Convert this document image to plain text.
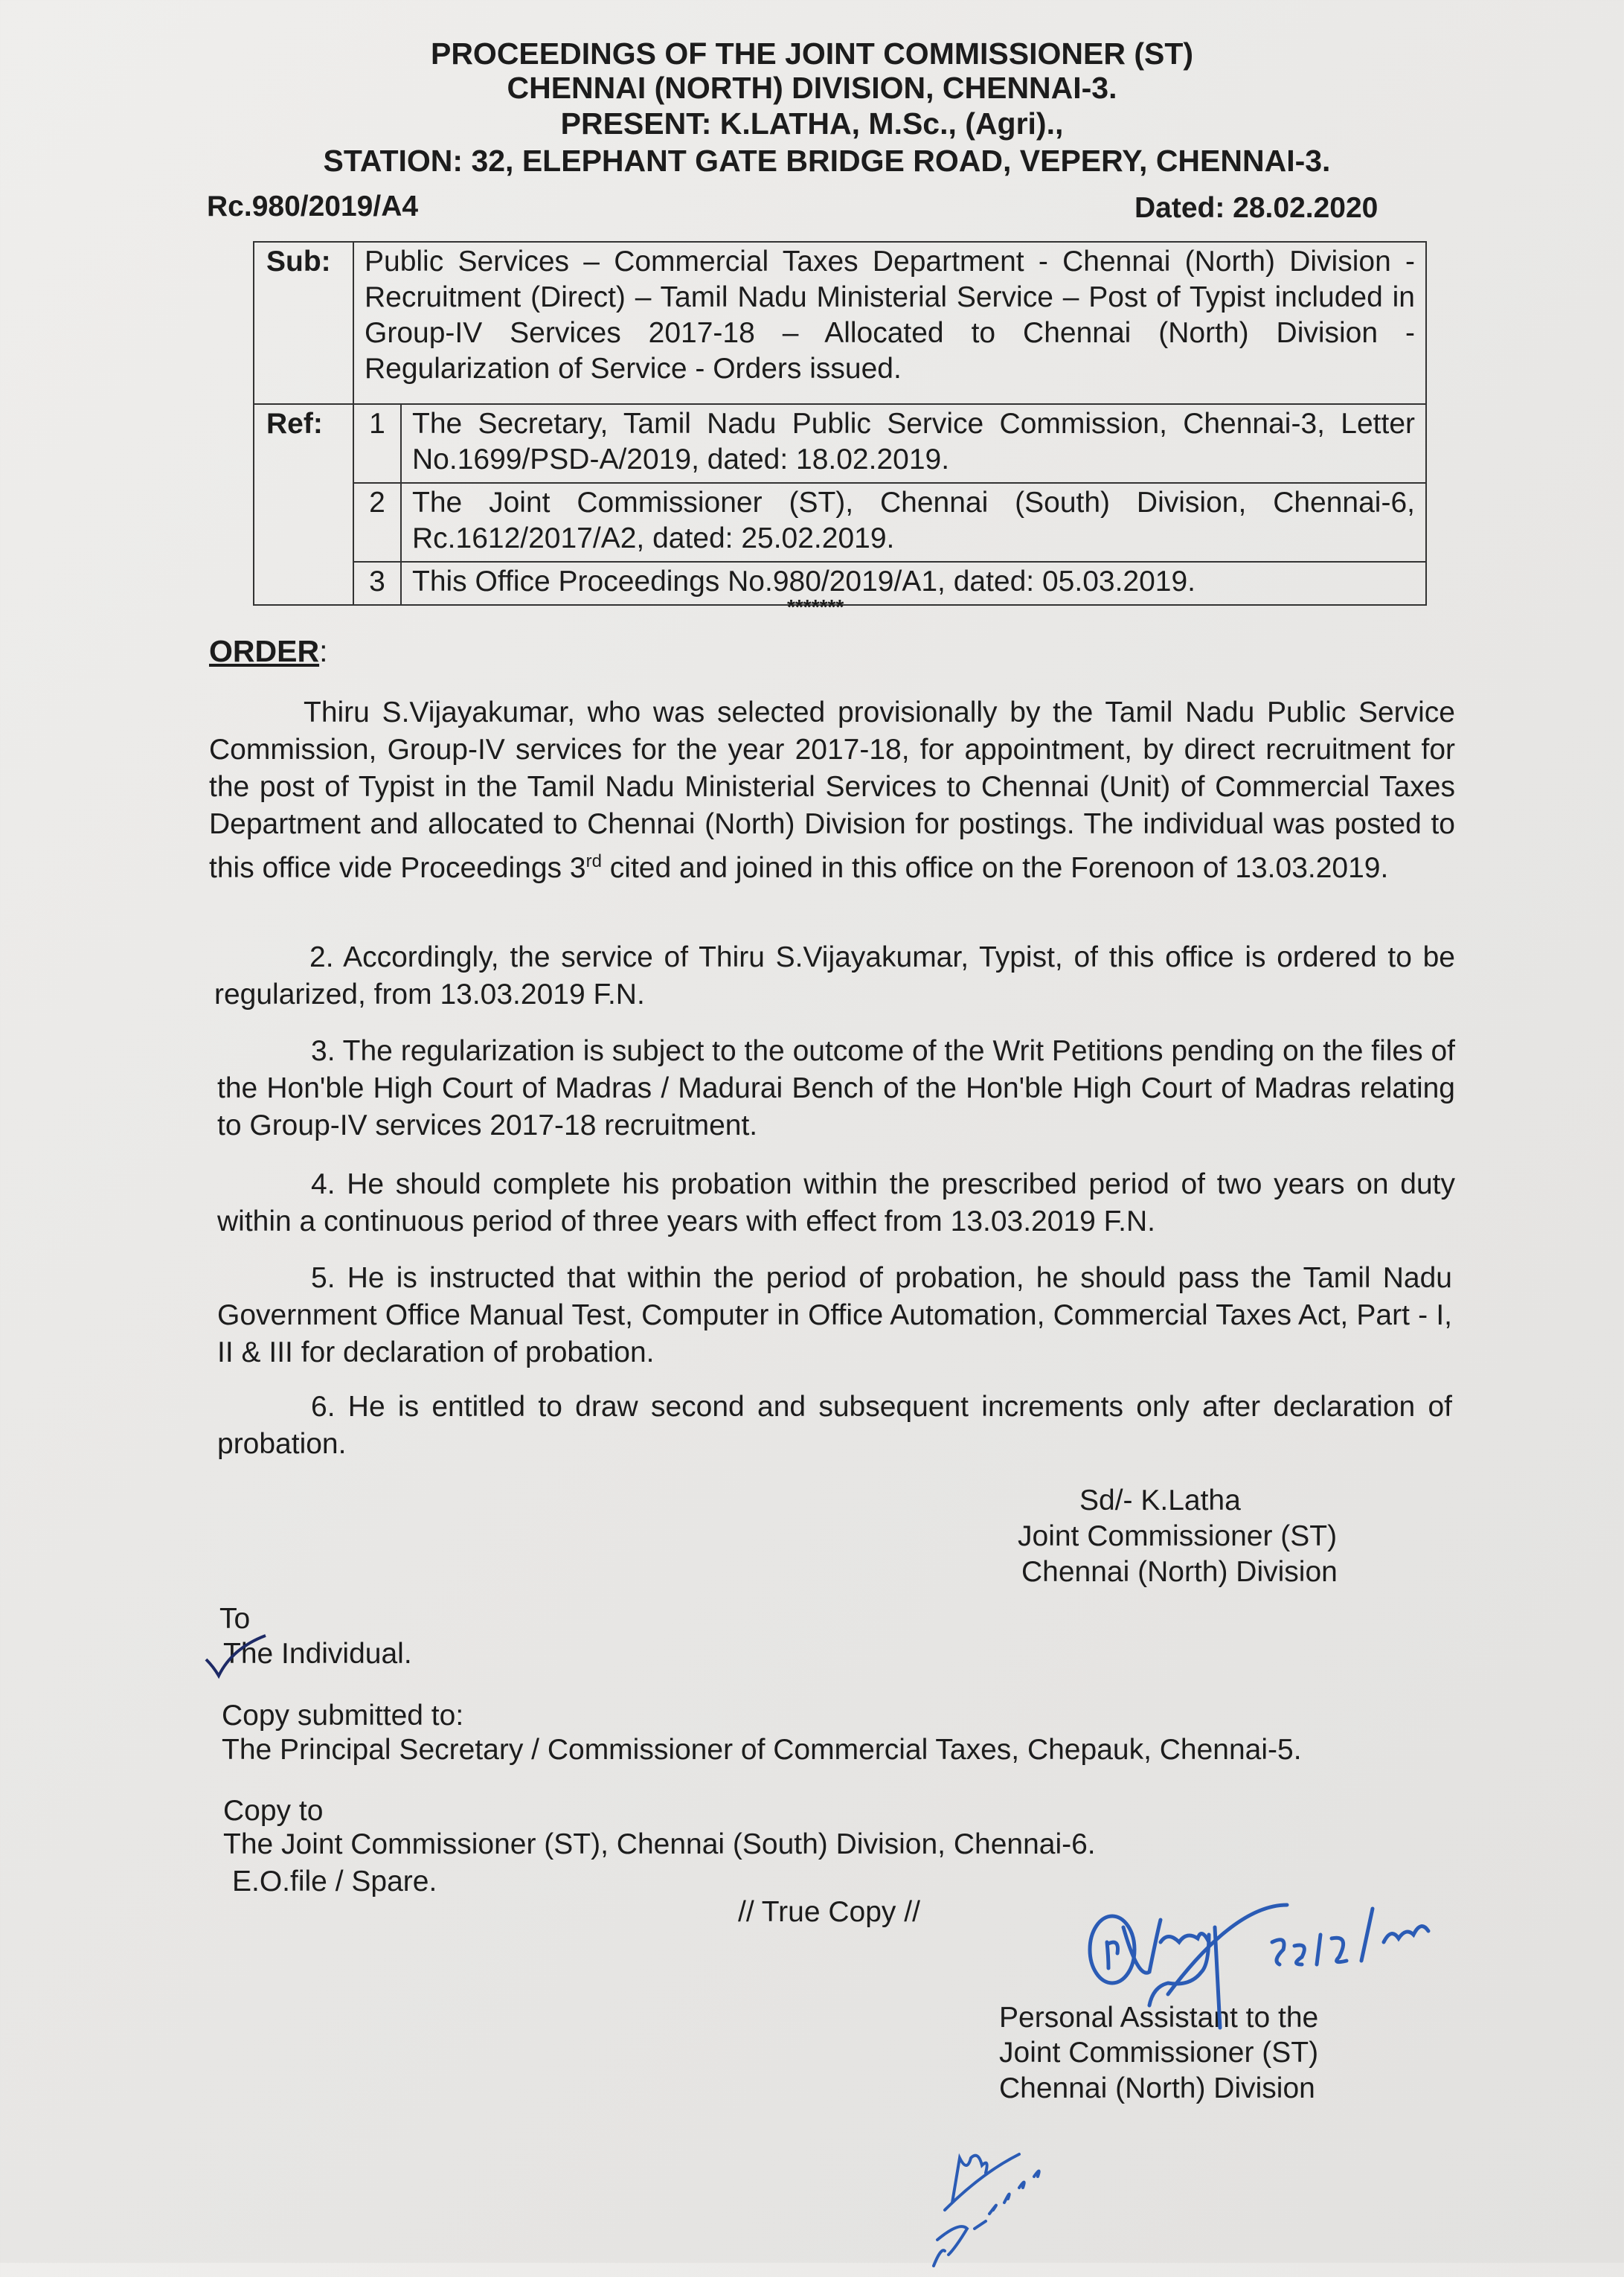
PROCEEDINGS OF THE JOINT COMMISSIONER (ST)
CHENNAI (NORTH) DIVISION, CHENNAI-3.
PRESENT: K.LATHA, M.Sc., (Agri).,
STATION: 32, ELEPHANT GATE BRIDGE ROAD, VEPERY, CHENNAI-3.
Rc.980/2019/A4	Dated: 28.02.2020
Sub:	Public Services – Commercial Taxes Department - Chennai (North) Division - Recruitment (Direct) – Tamil Nadu Ministerial Service – Post of Typist included in Group-IV Services 2017-18 – Allocated to Chennai (North) Division - Regularization of Service - Orders issued.	
Ref:	1	The Secretary, Tamil Nadu Public Service Commission, Chennai-3, Letter No.1699/PSD-A/2019, dated: 18.02.2019.
	2	The Joint Commissioner (ST), Chennai (South) Division, Chennai-6, Rc.1612/2017/A2, dated: 25.02.2019.
	3	This Office Proceedings No.980/2019/A1, dated: 05.03.2019.
*******
ORDER:
Thiru S.Vijayakumar, who was selected provisionally by the Tamil Nadu Public Service Commission, Group-IV services for the year 2017-18, for appointment, by direct recruitment for the post of Typist in the Tamil Nadu Ministerial Services to Chennai (Unit) of Commercial Taxes Department and allocated to Chennai (North) Division for postings. The individual was posted to this office vide Proceedings 3rd cited and joined in this office on the Forenoon of 13.03.2019.
2. Accordingly, the service of Thiru S.Vijayakumar, Typist, of this office is ordered to be regularized, from 13.03.2019 F.N.
3. The regularization is subject to the outcome of the Writ Petitions pending on the files of the Hon'ble High Court of Madras / Madurai Bench of the Hon'ble High Court of Madras relating to Group-IV services 2017-18 recruitment.
4. He should complete his probation within the prescribed period of two years on duty within a continuous period of three years with effect from 13.03.2019 F.N.
5. He is instructed that within the period of probation, he should pass the Tamil Nadu Government Office Manual Test, Computer in Office Automation, Commercial Taxes Act, Part - I, II & III for declaration of probation.
6. He is entitled to draw second and subsequent increments only after declaration of probation.
Sd/- K.Latha
Joint Commissioner (ST)
Chennai (North) Division
To
The Individual.
Copy submitted to:
The Principal Secretary / Commissioner of Commercial Taxes, Chepauk, Chennai-5.
Copy to
The Joint Commissioner (ST), Chennai (South) Division, Chennai-6.
E.O.file / Spare.
// True Copy //
Personal Assistant to the
Joint Commissioner (ST)
Chennai (North) Division
